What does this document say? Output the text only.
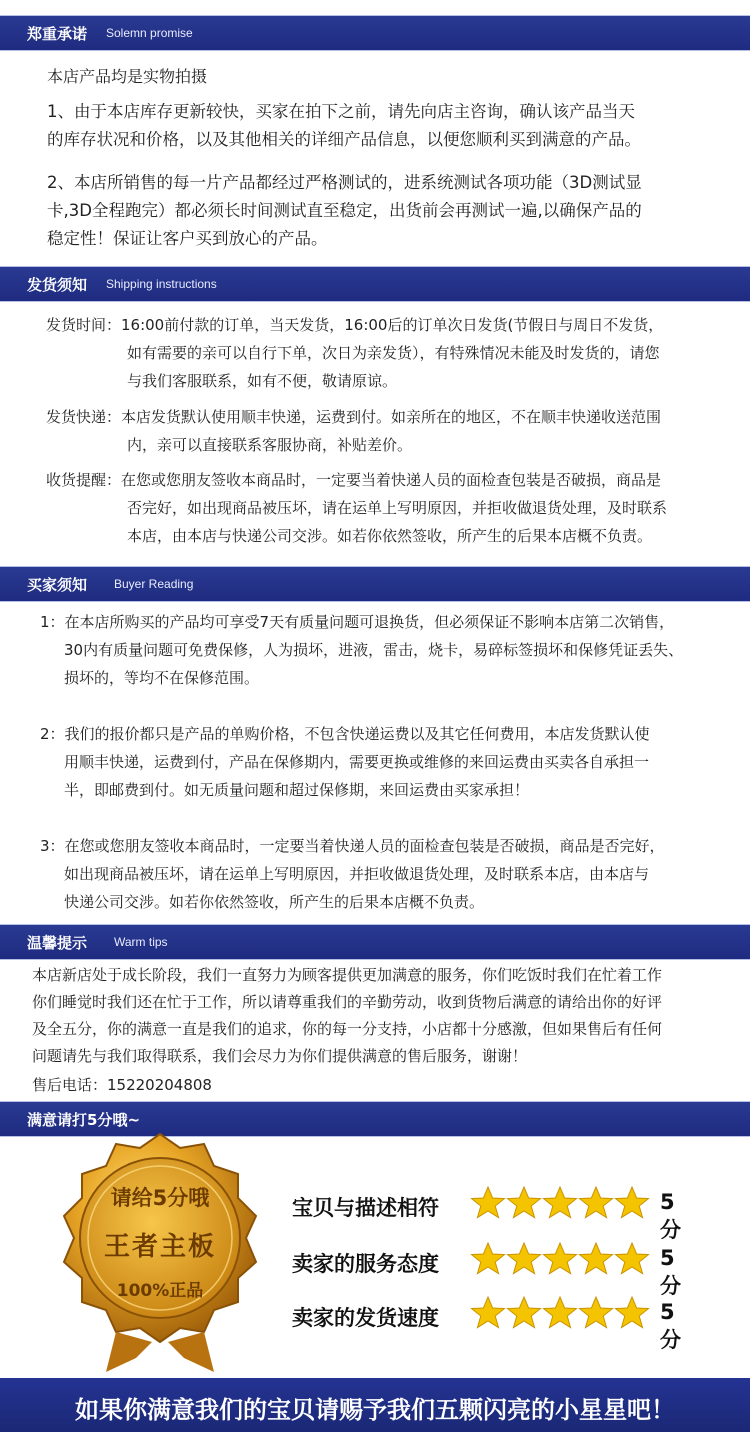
郑重承诺 Solemn promise
本店产品均是实物拍摄
1、由于本店库存更新较快，买家在拍下之前，请先向店主咨询，确认该产品当天
的库存状况和价格，以及其他相关的详细产品信息，以便您顺利买到满意的产品。
2、本店所销售的每一片产品都经过严格测试的，进系统测试各项功能（3D测试显
卡,3D全程跑完）都必须长时间测试直至稳定，出货前会再测试一遍,以确保产品的
稳定性！保证让客户买到放心的产品。
发货须知 Shipping instructions
发货时间：16:00前付款的订单，当天发货，16:00后的订单次日发货(节假日与周日不发货，
如有需要的亲可以自行下单，次日为亲发货），有特殊情况未能及时发货的，请您
与我们客服联系，如有不便，敬请原谅。
发货快递：本店发货默认使用顺丰快递，运费到付。如亲所在的地区，不在顺丰快递收送范围
内，亲可以直接联系客服协商，补贴差价。
收货提醒：在您或您朋友签收本商品时，一定要当着快递人员的面检查包装是否破损，商品是
否完好，如出现商品被压坏，请在运单上写明原因，并拒收做退货处理，及时联系
本店，由本店与快递公司交涉。如若你依然签收，所产生的后果本店概不负责。
买家须知 Buyer Reading
1：在本店所购买的产品均可享受7天有质量问题可退换货，但必须保证不影响本店第二次销售，
30内有质量问题可免费保修，人为损坏，进液，雷击，烧卡，易碎标签损坏和保修凭证丢失、
损坏的，等均不在保修范围。
2：我们的报价都只是产品的单购价格，不包含快递运费以及其它任何费用，本店发货默认使
用顺丰快递，运费到付，产品在保修期内，需要更换或维修的来回运费由买卖各自承担一
半，即邮费到付。如无质量问题和超过保修期，来回运费由买家承担！
3：在您或您朋友签收本商品时，一定要当着快递人员的面检查包装是否破损，商品是否完好，
如出现商品被压坏，请在运单上写明原因，并拒收做退货处理，及时联系本店，由本店与
快递公司交涉。如若你依然签收，所产生的后果本店概不负责。
温馨提示 Warm tips
本店新店处于成长阶段，我们一直努力为顾客提供更加满意的服务，你们吃饭时我们在忙着工作
你们睡觉时我们还在忙于工作，所以请尊重我们的辛勤劳动，收到货物后满意的请给出你的好评
及全五分，你的满意一直是我们的追求，你的每一分支持，小店都十分感激，但如果售后有任何
问题请先与我们取得联系，我们会尽力为你们提供满意的售后服务，谢谢！
售后电话：15220204808
满意请打5分哦~
请给5分哦
王者主板
100%正品
宝贝与描述相符	5分
卖家的服务态度	5分
卖家的发货速度	5分
如果你满意我们的宝贝请赐予我们五颗闪亮的小星星吧！
